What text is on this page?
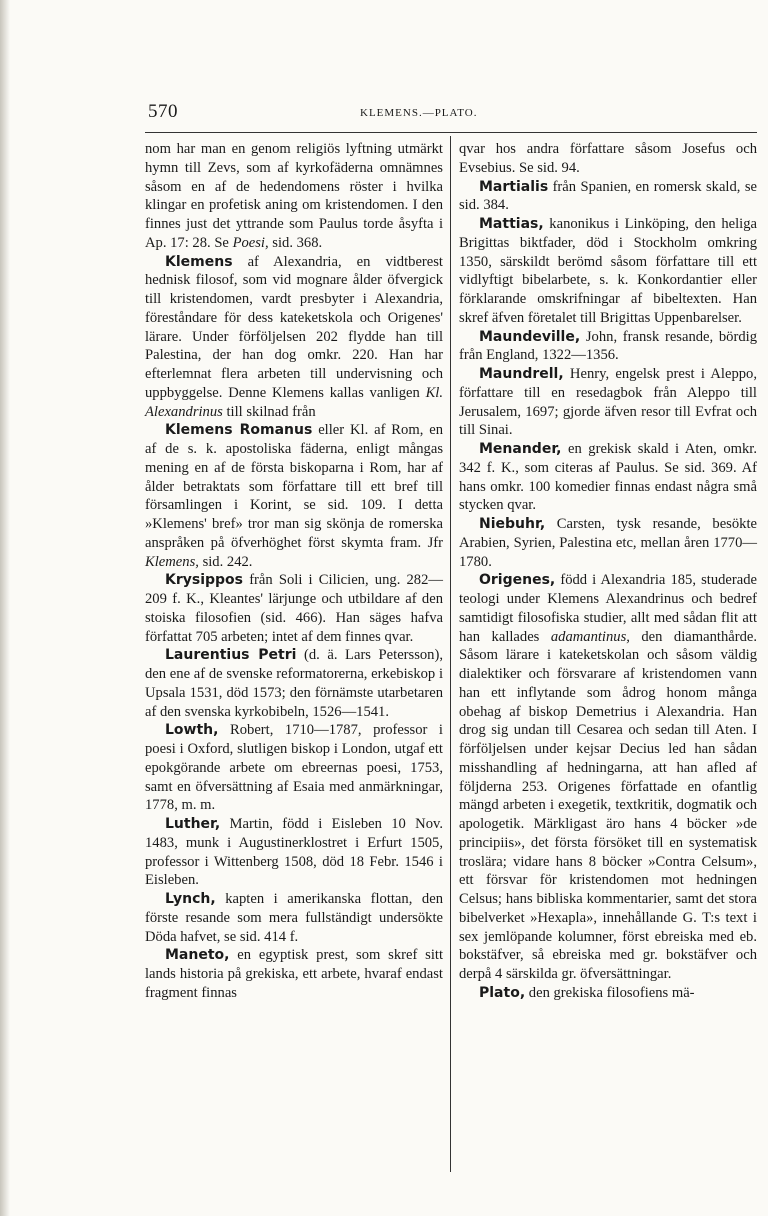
570	KLEMENS.—PLATO.

nom har man en genom religiös lyftning utmärkt hymn till Zevs, som af kyrkofäderna omnämnes såsom en af de hedendomens röster i hvilka klingar en profetisk aning om kristendomen. I den finnes just det yttrande som Paulus torde åsyfta i Ap. 17: 28. Se Poesi, sid. 368.

Klemens af Alexandria, en vidtberest hednisk filosof, som vid mognare ålder öfvergick till kristendomen, vardt presbyter i Alexandria, föreståndare för dess kateketskola och Origenes' lärare. Under förföljelsen 202 flydde han till Palestina, der han dog omkr. 220. Han har efterlemnat flera arbeten till undervisning och uppbyggelse. Denne Klemens kallas vanligen Kl. Alexandrinus till skilnad från

Klemens Romanus eller Kl. af Rom, en af de s. k. apostoliska fäderna, enligt mångas mening en af de första biskoparna i Rom, har af ålder betraktats som författare till ett bref till församlingen i Korint, se sid. 109. I detta »Klemens' bref» tror man sig skönja de romerska anspråken på öfverhöghet först skymta fram. Jfr Klemens, sid. 242.

Krysippos från Soli i Cilicien, ung. 282—209 f. K., Kleantes' lärjunge och utbildare af den stoiska filosofien (sid. 466). Han säges hafva författat 705 arbeten; intet af dem finnes qvar.

Laurentius Petri (d. ä. Lars Petersson), den ene af de svenske reformatorerna, erkebiskop i Upsala 1531, död 1573; den förnämste utarbetaren af den svenska kyrkobibeln, 1526—1541.

Lowth, Robert, 1710—1787, professor i poesi i Oxford, slutligen biskop i London, utgaf ett epokgörande arbete om ebreernas poesi, 1753, samt en öfversättning af Esaia med anmärkningar, 1778, m. m.

Luther, Martin, född i Eisleben 10 Nov. 1483, munk i Augustinerklostret i Erfurt 1505, professor i Wittenberg 1508, död 18 Febr. 1546 i Eisleben.

Lynch, kapten i amerikanska flottan, den förste resande som mera fullständigt undersökte Döda hafvet, se sid. 414 f.

Maneto, en egyptisk prest, som skref sitt lands historia på grekiska, ett arbete, hvaraf endast fragment finnas

qvar hos andra författare såsom Josefus och Evsebius. Se sid. 94.

Martialis från Spanien, en romersk skald, se sid. 384.

Mattias, kanonikus i Linköping, den heliga Brigittas biktfader, död i Stockholm omkring 1350, särskildt berömd såsom författare till ett vidlyftigt bibelarbete, s. k. Konkordantier eller förklarande omskrifningar af bibeltexten. Han skref äfven företalet till Brigittas Uppenbarelser.

Maundeville, John, fransk resande, bördig från England, 1322—1356.

Maundrell, Henry, engelsk prest i Aleppo, författare till en resedagbok från Aleppo till Jerusalem, 1697; gjorde äfven resor till Evfrat och till Sinai.

Menander, en grekisk skald i Aten, omkr. 342 f. K., som citeras af Paulus. Se sid. 369. Af hans omkr. 100 komedier finnas endast några små stycken qvar.

Niebuhr, Carsten, tysk resande, besökte Arabien, Syrien, Palestina etc, mellan åren 1770—1780.

Origenes, född i Alexandria 185, studerade teologi under Klemens Alexandrinus och bedref samtidigt filosofiska studier, allt med sådan flit att han kallades adamantinus, den diamanthårde. Såsom lärare i kateketskolan och såsom väldig dialektiker och försvarare af kristendomen vann han ett inflytande som ådrog honom många obehag af biskop Demetrius i Alexandria. Han drog sig undan till Cesarea och sedan till Aten. I förföljelsen under kejsar Decius led han sådan misshandling af hedningarna, att han afled af följderna 253. Origenes författade en ofantlig mängd arbeten i exegetik, textkritik, dogmatik och apologetik. Märkligast äro hans 4 böcker »de principiis», det första försöket till en systematisk troslära; vidare hans 8 böcker »Contra Celsum», ett försvar för kristendomen mot hedningen Celsus; hans bibliska kommentarier, samt det stora bibelverket »Hexapla», innehållande G. T:s text i sex jemlöpande kolumner, först ebreiska med eb. bokstäfver, så ebreiska med gr. bokstäfver och derpå 4 särskilda gr. öfversättningar.

Plato, den grekiska filosofiens mä-
